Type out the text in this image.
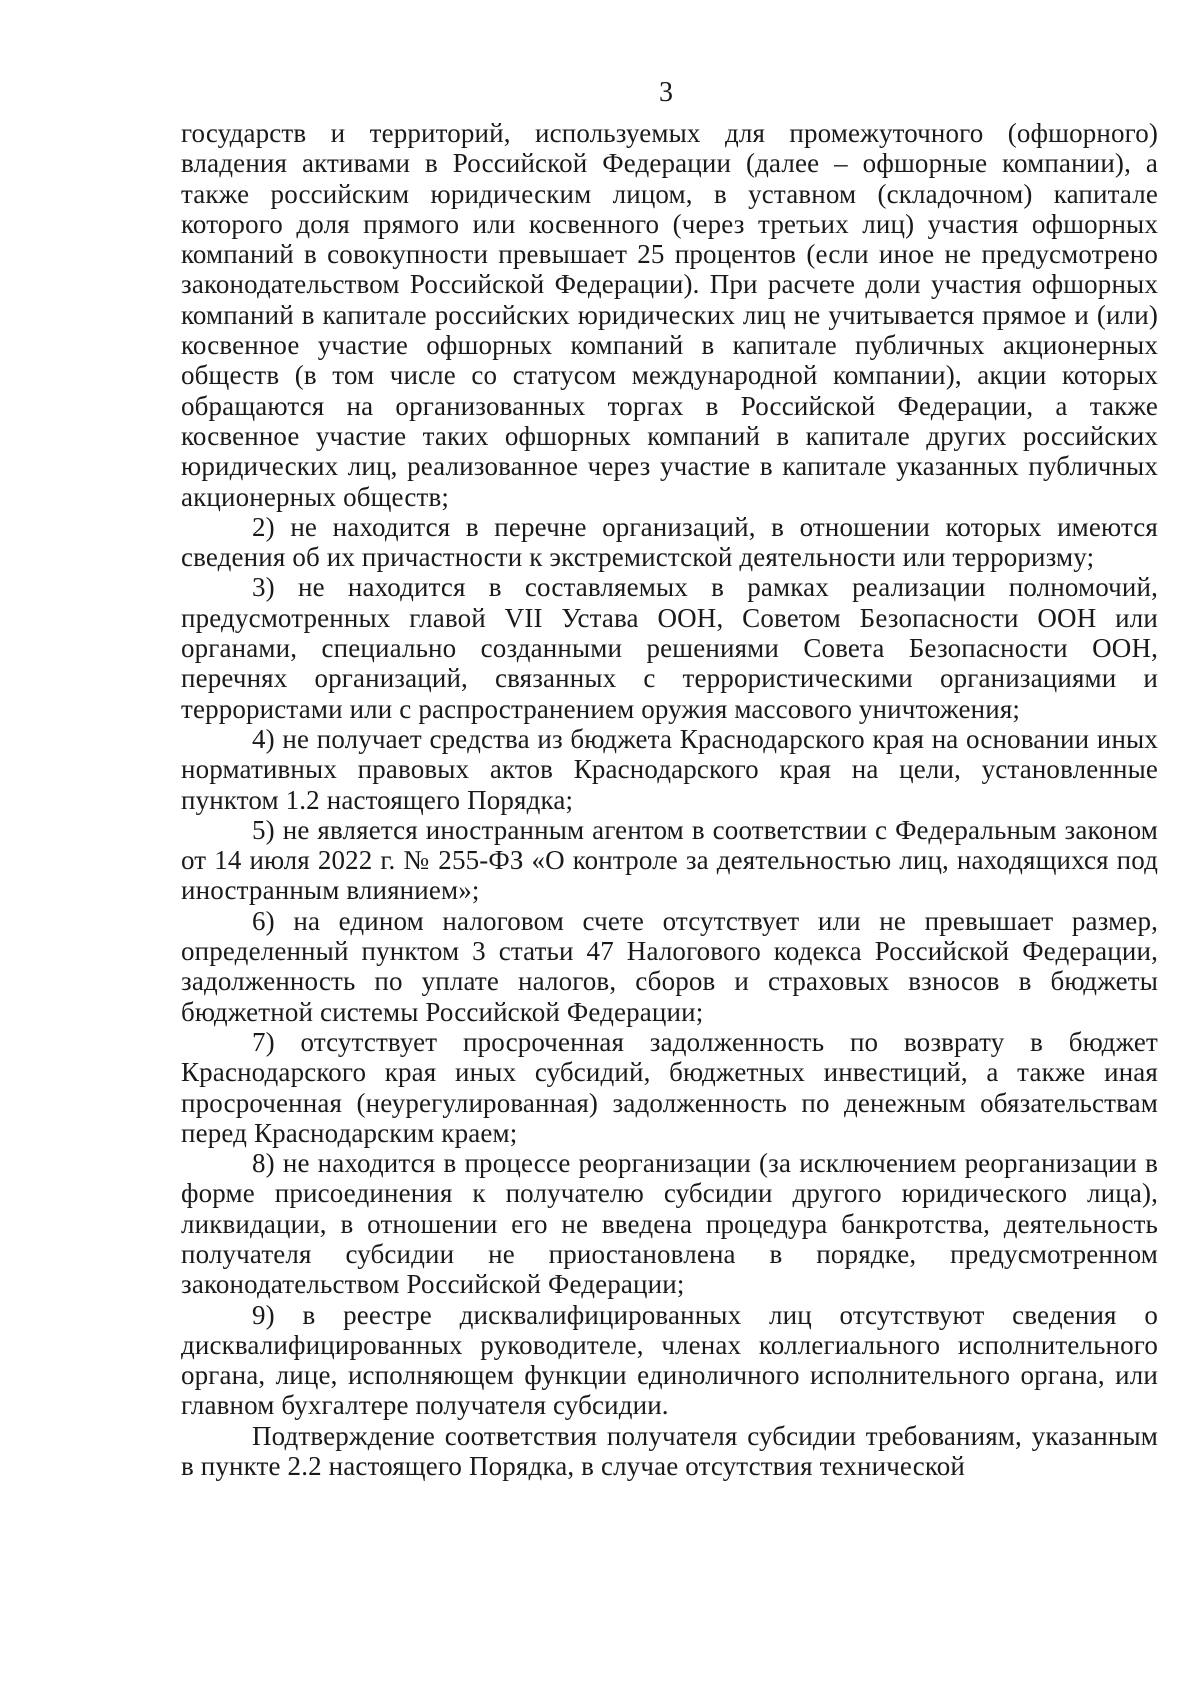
3

государств и территорий, используемых для промежуточного (офшорного) владения активами в Российской Федерации (далее – офшорные компании), а также российским юридическим лицом, в уставном (складочном) капитале которого доля прямого или косвенного (через третьих лиц) участия офшорных компаний в совокупности превышает 25 процентов (если иное не предусмотрено законодательством Российской Федерации). При расчете доли участия офшорных компаний в капитале российских юридических лиц не учитывается прямое и (или) косвенное участие офшорных компаний в капитале публичных акционерных обществ (в том числе со статусом международной компании), акции которых обращаются на организованных торгах в Российской Федерации, а также косвенное участие таких офшорных компаний в капитале других российских юридических лиц, реализованное через участие в капитале указанных публичных акционерных обществ;

2) не находится в перечне организаций, в отношении которых имеются сведения об их причастности к экстремистской деятельности или терроризму;

3) не находится в составляемых в рамках реализации полномочий, предусмотренных главой VII Устава ООН, Советом Безопасности ООН или органами, специально созданными решениями Совета Безопасности ООН, перечнях организаций, связанных с террористическими организациями и террористами или с распространением оружия массового уничтожения;

4) не получает средства из бюджета Краснодарского края на основании иных нормативных правовых актов Краснодарского края на цели, установленные пунктом 1.2 настоящего Порядка;

5) не является иностранным агентом в соответствии с Федеральным законом от 14 июля 2022 г. № 255-ФЗ «О контроле за деятельностью лиц, находящихся под иностранным влиянием»;

6) на едином налоговом счете отсутствует или не превышает размер, определенный пунктом 3 статьи 47 Налогового кодекса Российской Федерации, задолженность по уплате налогов, сборов и страховых взносов в бюджеты бюджетной системы Российской Федерации;

7) отсутствует просроченная задолженность по возврату в бюджет Краснодарского края иных субсидий, бюджетных инвестиций, а также иная просроченная (неурегулированная) задолженность по денежным обязательствам перед Краснодарским краем;

8) не находится в процессе реорганизации (за исключением реорганизации в форме присоединения к получателю субсидии другого юридического лица), ликвидации, в отношении его не введена процедура банкротства, деятельность получателя субсидии не приостановлена в порядке, предусмотренном законодательством Российской Федерации;

9) в реестре дисквалифицированных лиц отсутствуют сведения о дисквалифицированных руководителе, членах коллегиального исполнительного органа, лице, исполняющем функции единоличного исполнительного органа, или главном бухгалтере получателя субсидии.

Подтверждение соответствия получателя субсидии требованиям, указанным в пункте 2.2 настоящего Порядка, в случае отсутствия технической
